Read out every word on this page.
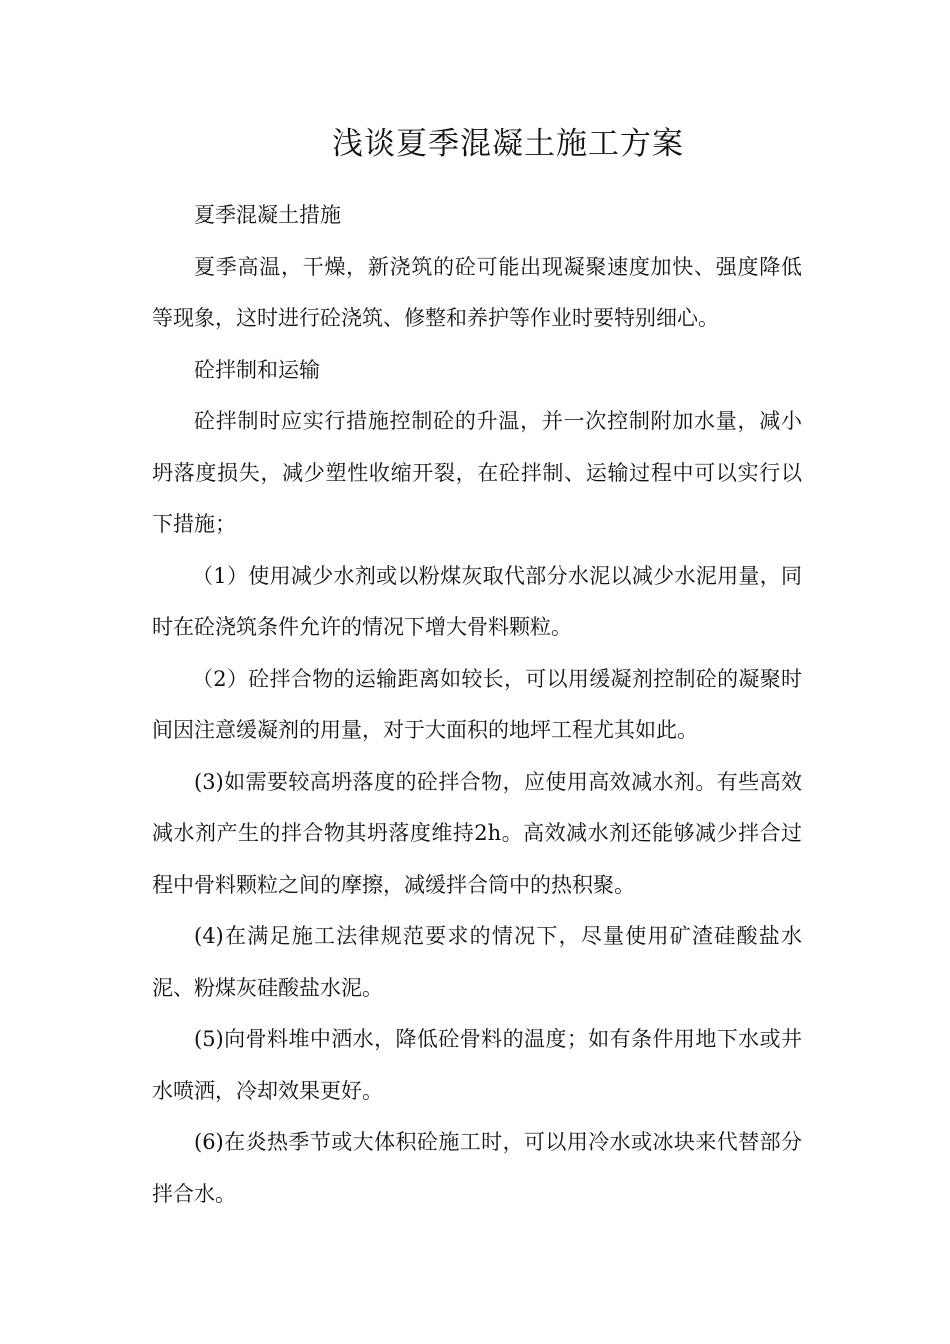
浅谈夏季混凝土施工方案

夏季混凝土措施

夏季高温，干燥，新浇筑的砼可能出现凝聚速度加快、强度降低等现象，这时进行砼浇筑、修整和养护等作业时要特别细心。

砼拌制和运输

砼拌制时应实行措施控制砼的升温，并一次控制附加水量，减小坍落度损失，减少塑性收缩开裂，在砼拌制、运输过程中可以实行以下措施；

（1）使用减少水剂或以粉煤灰取代部分水泥以减少水泥用量，同时在砼浇筑条件允许的情况下增大骨料颗粒。

（2）砼拌合物的运输距离如较长，可以用缓凝剂控制砼的凝聚时间因注意缓凝剂的用量，对于大面积的地坪工程尤其如此。

(3)如需要较高坍落度的砼拌合物，应使用高效减水剂。有些高效减水剂产生的拌合物其坍落度维持2h。高效减水剂还能够减少拌合过程中骨料颗粒之间的摩擦，减缓拌合筒中的热积聚。

(4)在满足施工法律规范要求的情况下，尽量使用矿渣硅酸盐水泥、粉煤灰硅酸盐水泥。

(5)向骨料堆中洒水，降低砼骨料的温度；如有条件用地下水或井水喷洒，冷却效果更好。

(6)在炎热季节或大体积砼施工时，可以用冷水或冰块来代替部分拌合水。
